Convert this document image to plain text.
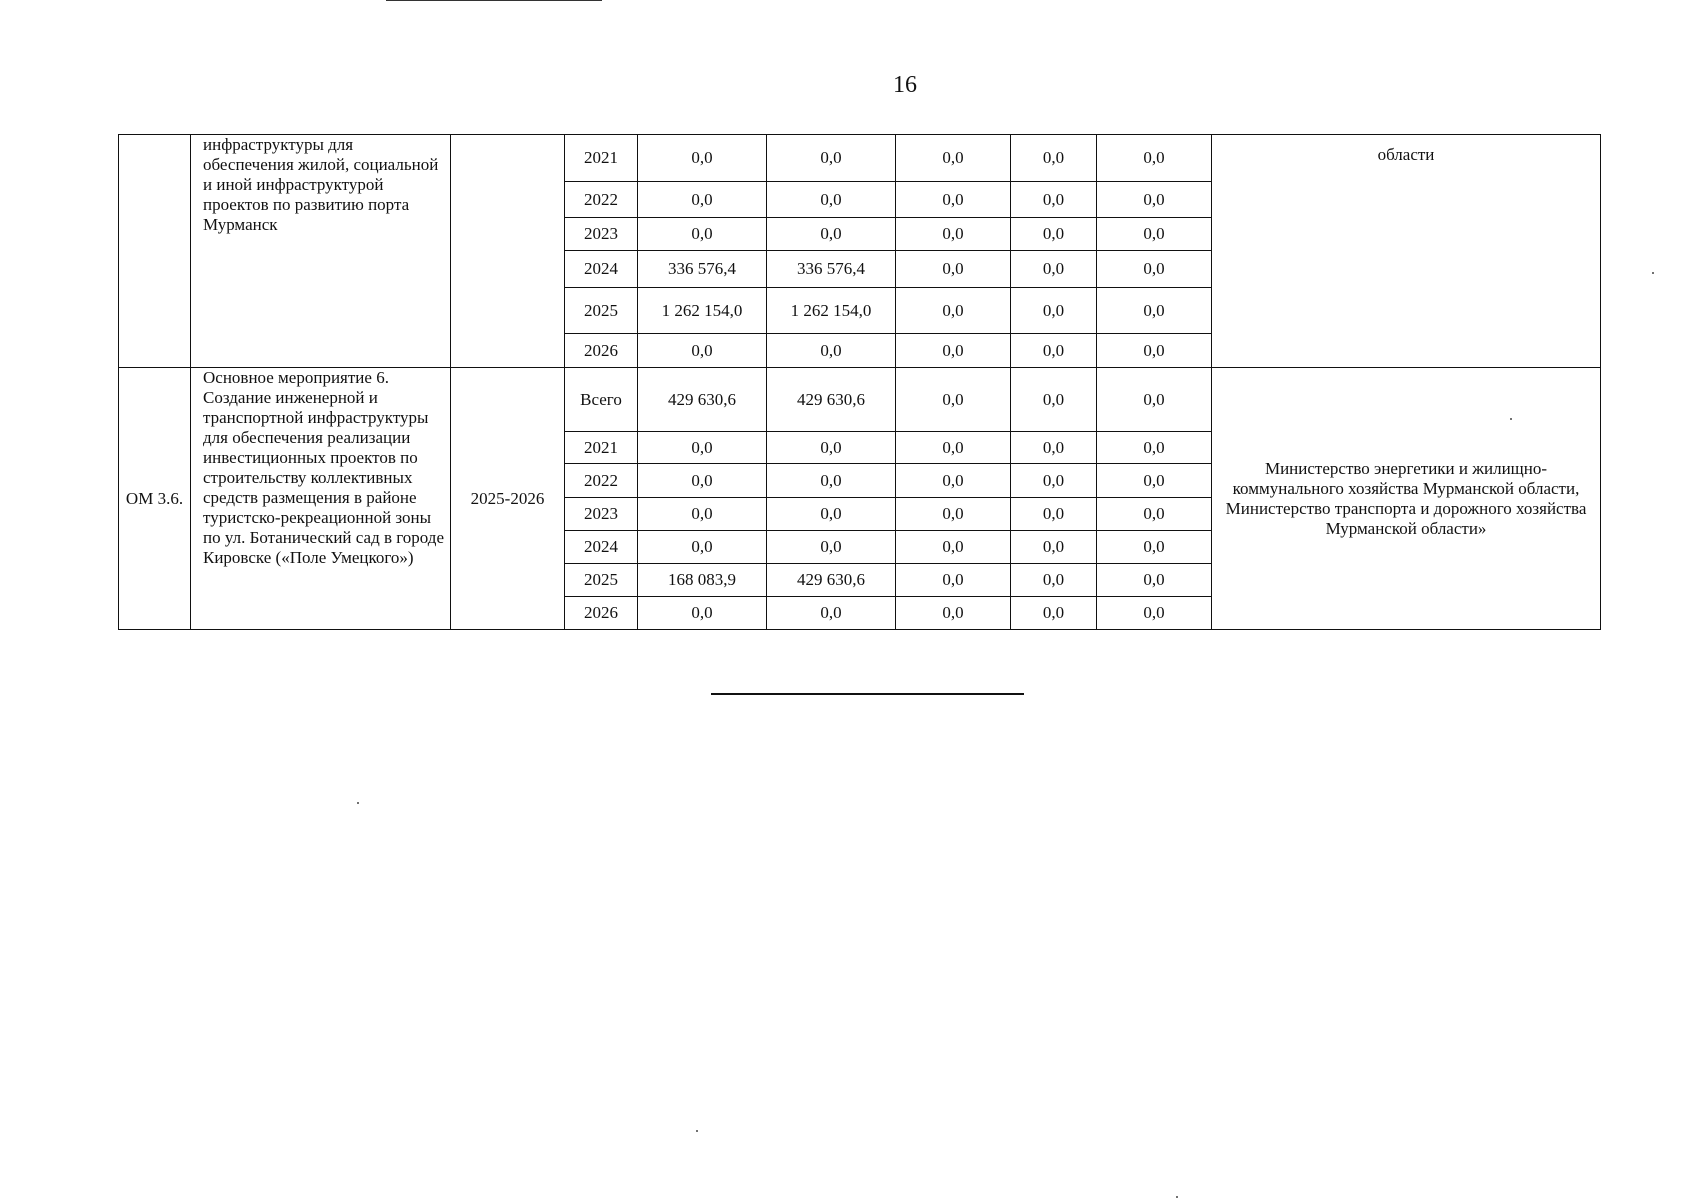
16
	инфраструктуры для обеспечения жилой, социальной и иной инфраструктурой проектов по развитию порта Мурманск		2021	0,0	0,0	0,0	0,0	0,0	области
			2022	0,0	0,0	0,0	0,0	0,0	
			2023	0,0	0,0	0,0	0,0	0,0	
			2024	336 576,4	336 576,4	0,0	0,0	0,0	
			2025	1 262 154,0	1 262 154,0	0,0	0,0	0,0	
			2026	0,0	0,0	0,0	0,0	0,0	
ОМ 3.6.	Основное мероприятие 6. Создание инженерной и транспортной инфраструктуры для обеспечения реализации инвестиционных проектов по строительству коллективных средств размещения в районе туристско-рекреационной зоны по ул. Ботанический сад в городе Кировске («Поле Умецкого»)	2025-2026	Всего	429 630,6	429 630,6	0,0	0,0	0,0	Министерство энергетики и жилищно-коммунального хозяйства Мурманской области, Министерство транспорта и дорожного хозяйства Мурманской области»
			2021	0,0	0,0	0,0	0,0	0,0	
			2022	0,0	0,0	0,0	0,0	0,0	
			2023	0,0	0,0	0,0	0,0	0,0	
			2024	0,0	0,0	0,0	0,0	0,0	
			2025	168 083,9	429 630,6	0,0	0,0	0,0	
			2026	0,0	0,0	0,0	0,0	0,0	
